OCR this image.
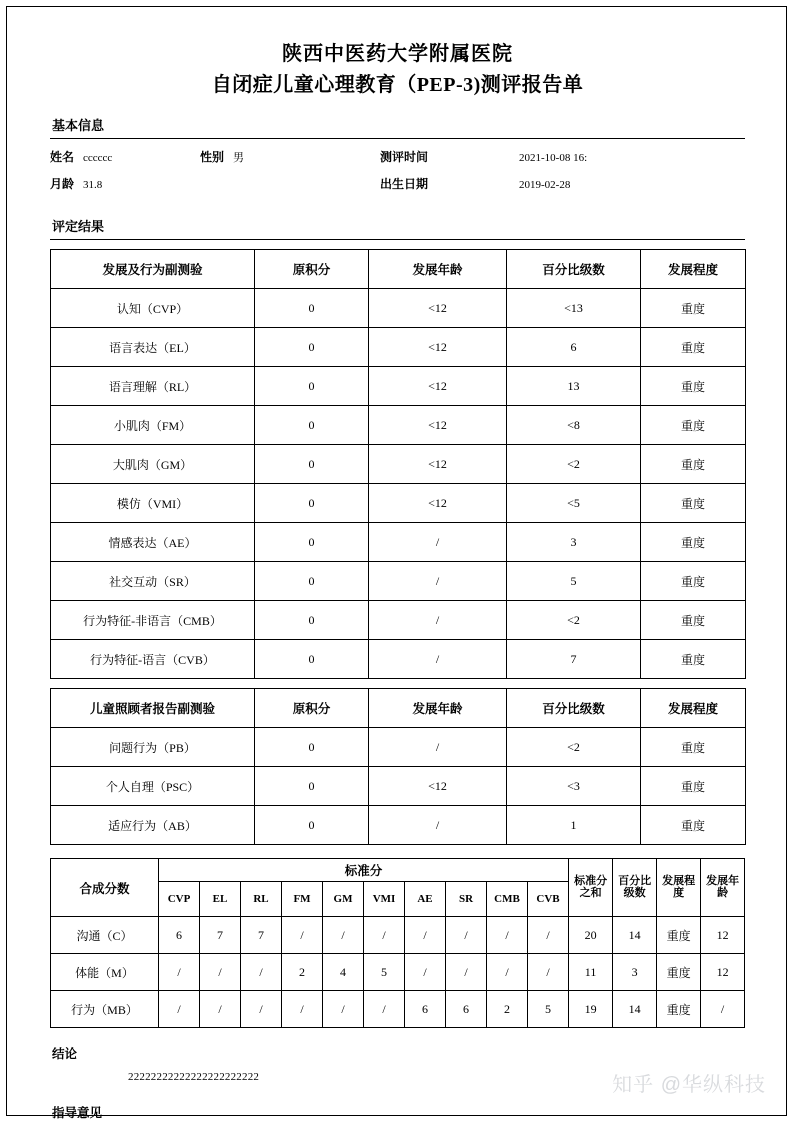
陕西中医药大学附属医院
自闭症儿童心理教育（PEP-3)测评报告单
基本信息
姓名 cccccc	性别 男	测评时间	2021-10-08 16:
月龄 31.8	出生日期	2019-02-28
评定结果
发展及行为副测验	原积分	发展年龄	百分比级数	发展程度
认知（CVP）	0	<12	<13	重度
语言表达（EL）	0	<12	6	重度
语言理解（RL）	0	<12	13	重度
小肌肉（FM）	0	<12	<8	重度
大肌肉（GM）	0	<12	<2	重度
模仿（VMI）	0	<12	<5	重度
情感表达（AE）	0	/	3	重度
社交互动（SR）	0	/	5	重度
行为特征-非语言（CMB）	0	/	<2	重度
行为特征-语言（CVB）	0	/	7	重度
儿童照顾者报告副测验	原积分	发展年龄	百分比级数	发展程度
问题行为（PB）	0	/	<2	重度
个人自理（PSC）	0	<12	<3	重度
适应行为（AB）	0	/	1	重度
合成分数	标准分										标准分之和	百分比级数	发展程度	发展年龄
	CVP	EL	RL	FM	GM	VMI	AE	SR	CMB	CVB				
沟通（C）	6	7	7	/	/	/	/	/	/	/	20	14	重度	12
体能（M）	/	/	/	2	4	5	/	/	/	/	11	3	重度	12
行为（MB）	/	/	/	/	/	/	6	6	2	5	19	14	重度	/
结论
22222222222222222222222
指导意见
知乎 @华纵科技
